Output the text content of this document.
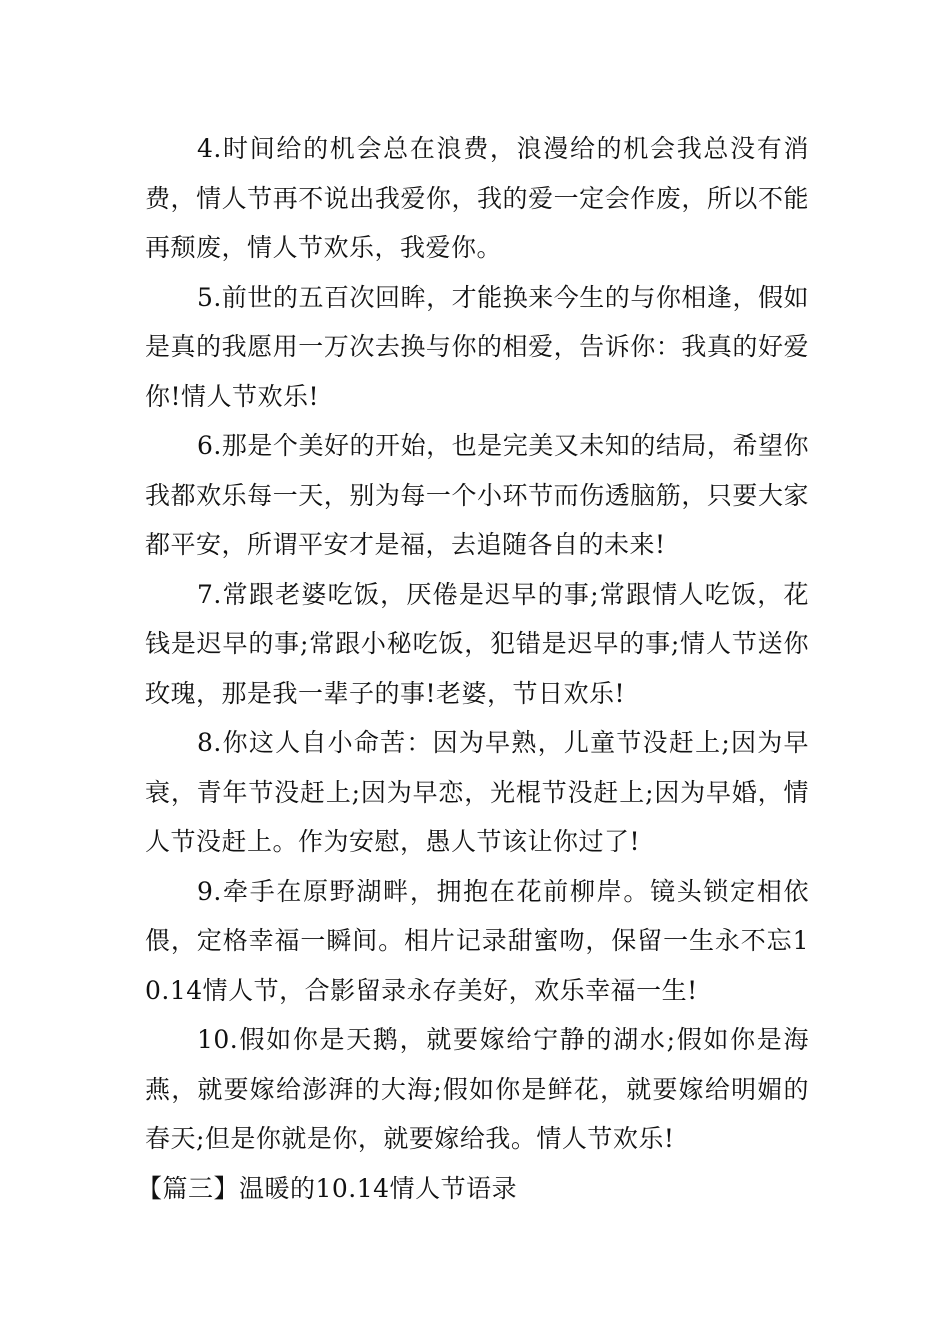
4.时间给的机会总在浪费，浪漫给的机会我总没有消费，情人节再不说出我爱你，我的爱一定会作废，所以不能再颓废，情人节欢乐，我爱你。

5.前世的五百次回眸，才能换来今生的与你相逢，假如是真的我愿用一万次去换与你的相爱，告诉你：我真的好爱你!情人节欢乐!

6.那是个美好的开始，也是完美又未知的结局，希望你我都欢乐每一天，别为每一个小环节而伤透脑筋，只要大家都平安，所谓平安才是福，去追随各自的未来!

7.常跟老婆吃饭，厌倦是迟早的事;常跟情人吃饭，花钱是迟早的事;常跟小秘吃饭，犯错是迟早的事;情人节送你玫瑰，那是我一辈子的事!老婆，节日欢乐!

8.你这人自小命苦：因为早熟，儿童节没赶上;因为早衰，青年节没赶上;因为早恋，光棍节没赶上;因为早婚，情人节没赶上。作为安慰，愚人节该让你过了!

9.牵手在原野湖畔，拥抱在花前柳岸。镜头锁定相依偎，定格幸福一瞬间。相片记录甜蜜吻，保留一生永不忘10.14情人节，合影留录永存美好，欢乐幸福一生!

10.假如你是天鹅，就要嫁给宁静的湖水;假如你是海燕，就要嫁给澎湃的大海;假如你是鲜花，就要嫁给明媚的春天;但是你就是你，就要嫁给我。情人节欢乐!

【篇三】温暖的10.14情人节语录
